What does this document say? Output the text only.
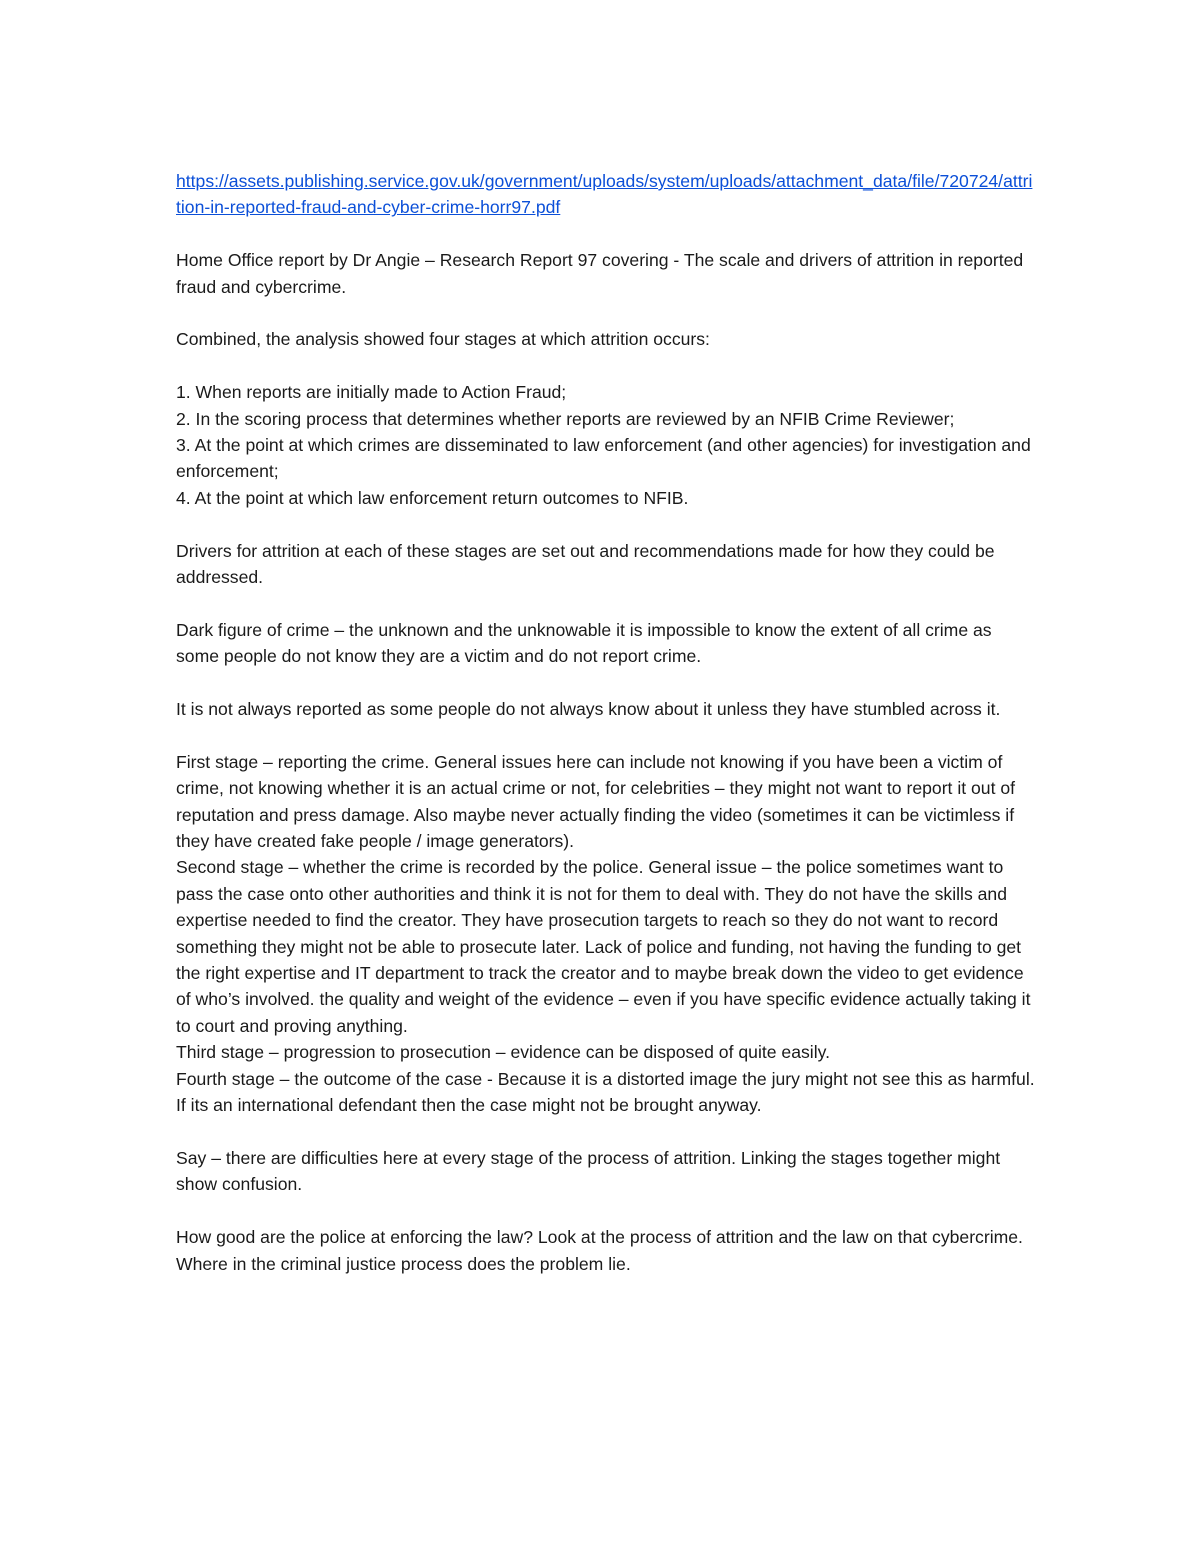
https://assets.publishing.service.gov.uk/government/uploads/system/uploads/attachment_data/file/720724/attrition-in-reported-fraud-and-cyber-crime-horr97.pdf

Home Office report by Dr Angie – Research Report 97 covering - The scale and drivers of attrition in reported fraud and cybercrime.

Combined, the analysis showed four stages at which attrition occurs:

1. When reports are initially made to Action Fraud;

2. In the scoring process that determines whether reports are reviewed by an NFIB Crime Reviewer;

3. At the point at which crimes are disseminated to law enforcement (and other agencies) for investigation and enforcement;

4. At the point at which law enforcement return outcomes to NFIB.

Drivers for attrition at each of these stages are set out and recommendations made for how they could be addressed.

Dark figure of crime – the unknown and the unknowable it is impossible to know the extent of all crime as some people do not know they are a victim and do not report crime.

It is not always reported as some people do not always know about it unless they have stumbled across it.

First stage – reporting the crime. General issues here can include not knowing if you have been a victim of crime, not knowing whether it is an actual crime or not, for celebrities – they might not want to report it out of reputation and press damage. Also maybe never actually finding the video (sometimes it can be victimless if they have created fake people / image generators).

Second stage – whether the crime is recorded by the police. General issue – the police sometimes want to pass the case onto other authorities and think it is not for them to deal with. They do not have the skills and expertise needed to find the creator. They have prosecution targets to reach so they do not want to record something they might not be able to prosecute later. Lack of police and funding, not having the funding to get the right expertise and IT department to track the creator and to maybe break down the video to get evidence of who’s involved. the quality and weight of the evidence – even if you have specific evidence actually taking it to court and proving anything.

Third stage – progression to prosecution – evidence can be disposed of quite easily.

Fourth stage – the outcome of the case - Because it is a distorted image the jury might not see this as harmful. If its an international defendant then the case might not be brought anyway.

Say – there are difficulties here at every stage of the process of attrition. Linking the stages together might show confusion.

How good are the police at enforcing the law? Look at the process of attrition and the law on that cybercrime. Where in the criminal justice process does the problem lie.
